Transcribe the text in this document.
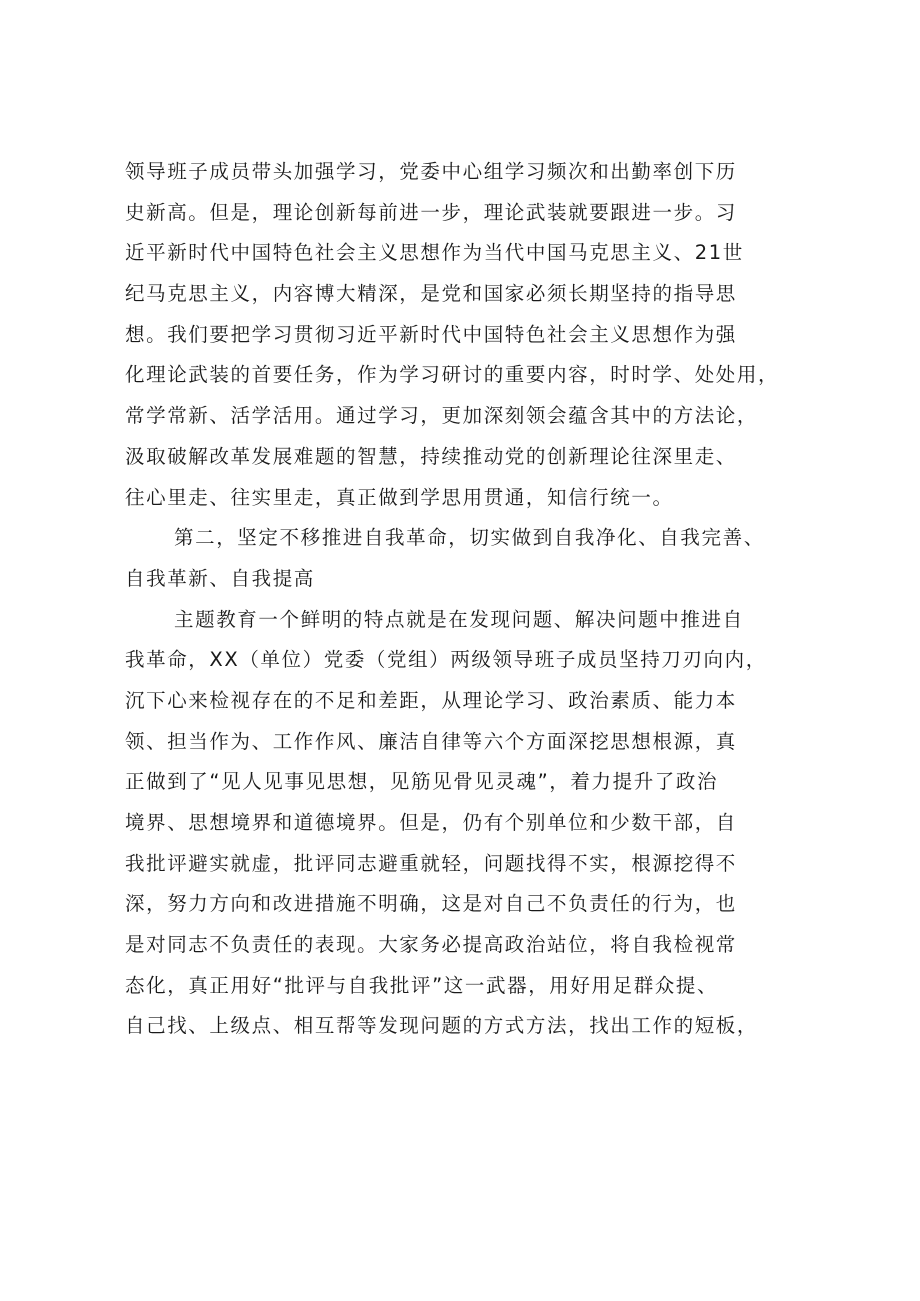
领导班子成员带头加强学习，党委中心组学习频次和出勤率创下历
史新高。但是，理论创新每前进一步，理论武装就要跟进一步。习
近平新时代中国特色社会主义思想作为当代中国马克思主义、21世
纪马克思主义，内容博大精深，是党和国家必须长期坚持的指导思
想。我们要把学习贯彻习近平新时代中国特色社会主义思想作为强
化理论武装的首要任务，作为学习研讨的重要内容，时时学、处处用，
常学常新、活学活用。通过学习，更加深刻领会蕴含其中的方法论，
汲取破解改革发展难题的智慧，持续推动党的创新理论往深里走、
往心里走、往实里走，真正做到学思用贯通，知信行统一。
第二，坚定不移推进自我革命，切实做到自我净化、自我完善、
自我革新、自我提高
主题教育一个鲜明的特点就是在发现问题、解决问题中推进自
我革命，XX（单位）党委（党组）两级领导班子成员坚持刀刃向内，
沉下心来检视存在的不足和差距，从理论学习、政治素质、能力本
领、担当作为、工作作风、廉洁自律等六个方面深挖思想根源，真
正做到了“见人见事见思想，见筋见骨见灵魂”，着力提升了政治
境界、思想境界和道德境界。但是，仍有个别单位和少数干部，自
我批评避实就虚，批评同志避重就轻，问题找得不实，根源挖得不
深，努力方向和改进措施不明确，这是对自己不负责任的行为，也
是对同志不负责任的表现。大家务必提高政治站位，将自我检视常
态化，真正用好“批评与自我批评”这一武器，用好用足群众提、
自己找、上级点、相互帮等发现问题的方式方法，找出工作的短板，
